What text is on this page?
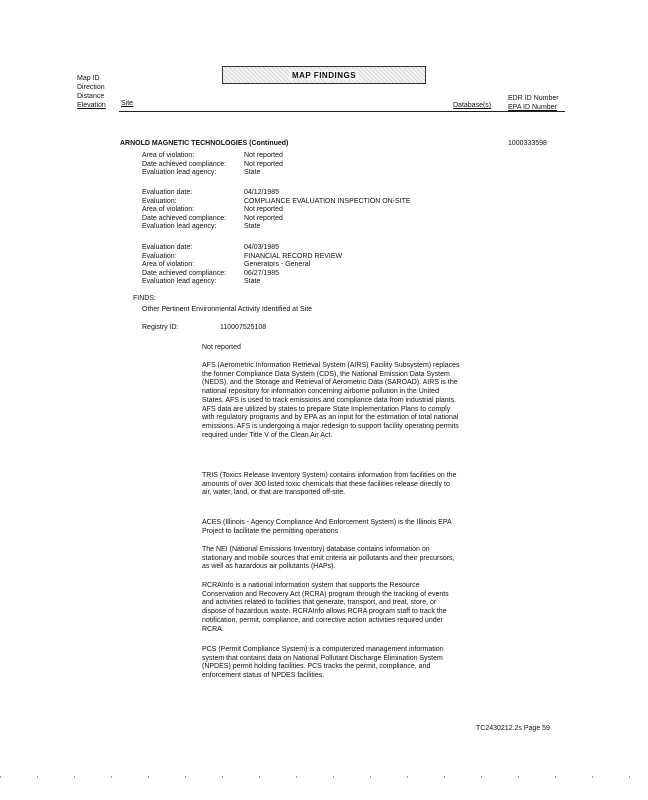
Map ID
Direction
Distance
Elevation Site
MAP FINDINGS
Database(s)
EDR ID Number
EPA ID Number
ARNOLD MAGNETIC TECHNOLOGIES (Continued)	1000333598
Area of violation:	Not reported
Date achieved compliance:	Not reported
Evaluation lead agency:	State
Evaluation date:	04/12/1985
Evaluation:	COMPLIANCE EVALUATION INSPECTION ON-SITE
Area of violation:	Not reported
Date achieved compliance:	Not reported
Evaluation lead agency:	State
Evaluation date:	04/03/1985
Evaluation:	FINANCIAL RECORD REVIEW
Area of violation:	Generators - General
Date achieved compliance:	06/27/1985
Evaluation lead agency:	State
FINDS:
Other Pertinent Environmental Activity Identified at Site
Registry ID:	110007525108
Not reported
AFS (Aerometric Information Retrieval System (AIRS) Facility Subsystem) replaces the former Compliance Data System (CDS), the National Emission Data System (NEDS), and the Storage and Retrieval of Aerometric Data (SAROAD). AIRS is the national repository for information concerning airborne pollution in the United States. AFS is used to track emissions and compliance data from industrial plants. AFS data are utilized by states to prepare State Implementation Plans to comply with regulatory programs and by EPA as an input for the estimation of total national emissions. AFS is undergoing a major redesign to support facility operating permits required under Title V of the Clean Air Act.
TRIS (Toxics Release Inventory System) contains information from facilities on the amounts of over 300 listed toxic chemicals that these facilities release directly to air, water, land, or that are transported off-site.
ACES (Illinois - Agency Compliance And Enforcement System) is the Illinois EPA Project to facilitate the permitting operations
The NEI (National Emissions Inventory) database contains information on stationary and mobile sources that emit criteria air pollutants and their precursors, as well as hazardous air pollutants (HAPs).
RCRAInfo is a national information system that supports the Resource Conservation and Recovery Act (RCRA) program through the tracking of events and activities related to facilities that generate, transport, and treat, store, or dispose of hazardous waste. RCRAInfo allows RCRA program staff to track the notification, permit, compliance, and corrective action activities required under RCRA.
PCS (Permit Compliance System) is a computerized management information system that contains data on National Pollutant Discharge Elimination System (NPDES) permit holding facilities. PCS tracks the permit, compliance, and enforcement status of NPDES facilities.
TC2430212.2s Page 59
